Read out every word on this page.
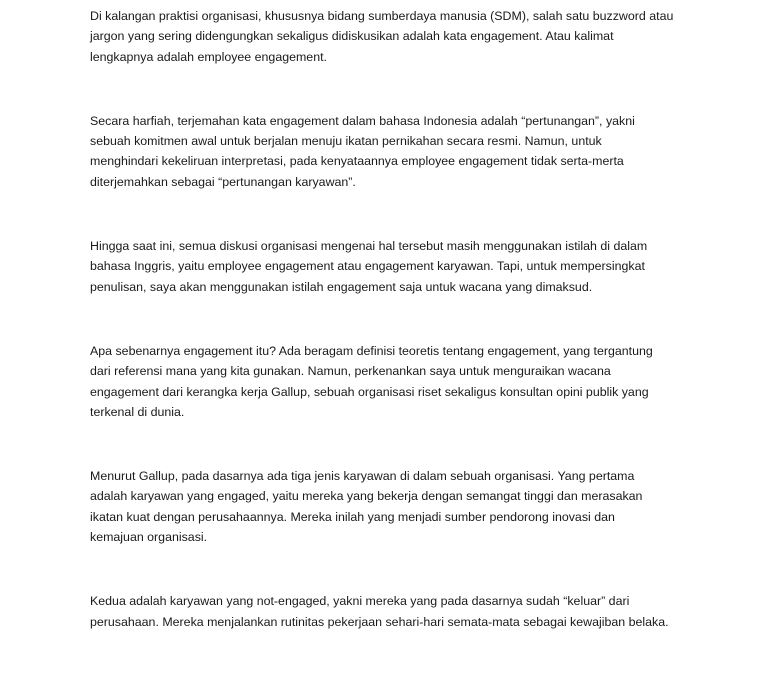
Di kalangan praktisi organisasi, khususnya bidang sumberdaya manusia (SDM), salah satu buzzword atau
jargon yang sering didengungkan sekaligus didiskusikan adalah kata engagement. Atau kalimat
lengkapnya adalah employee engagement.

Secara harfiah, terjemahan kata engagement dalam bahasa Indonesia adalah “pertunangan”, yakni
sebuah komitmen awal untuk berjalan menuju ikatan pernikahan secara resmi. Namun, untuk
menghindari kekeliruan interpretasi, pada kenyataannya employee engagement tidak serta-merta
diterjemahkan sebagai “pertunangan karyawan”.

Hingga saat ini, semua diskusi organisasi mengenai hal tersebut masih menggunakan istilah di dalam
bahasa Inggris, yaitu employee engagement atau engagement karyawan. Tapi, untuk mempersingkat
penulisan, saya akan menggunakan istilah engagement saja untuk wacana yang dimaksud.

Apa sebenarnya engagement itu? Ada beragam definisi teoretis tentang engagement, yang tergantung
dari referensi mana yang kita gunakan. Namun, perkenankan saya untuk menguraikan wacana
engagement dari kerangka kerja Gallup, sebuah organisasi riset sekaligus konsultan opini publik yang
terkenal di dunia.

Menurut Gallup, pada dasarnya ada tiga jenis karyawan di dalam sebuah organisasi. Yang pertama
adalah karyawan yang engaged, yaitu mereka yang bekerja dengan semangat tinggi dan merasakan
ikatan kuat dengan perusahaannya. Mereka inilah yang menjadi sumber pendorong inovasi dan
kemajuan organisasi.

Kedua adalah karyawan yang not-engaged, yakni mereka yang pada dasarnya sudah “keluar” dari
perusahaan. Mereka menjalankan rutinitas pekerjaan sehari-hari semata-mata sebagai kewajiban belaka.
